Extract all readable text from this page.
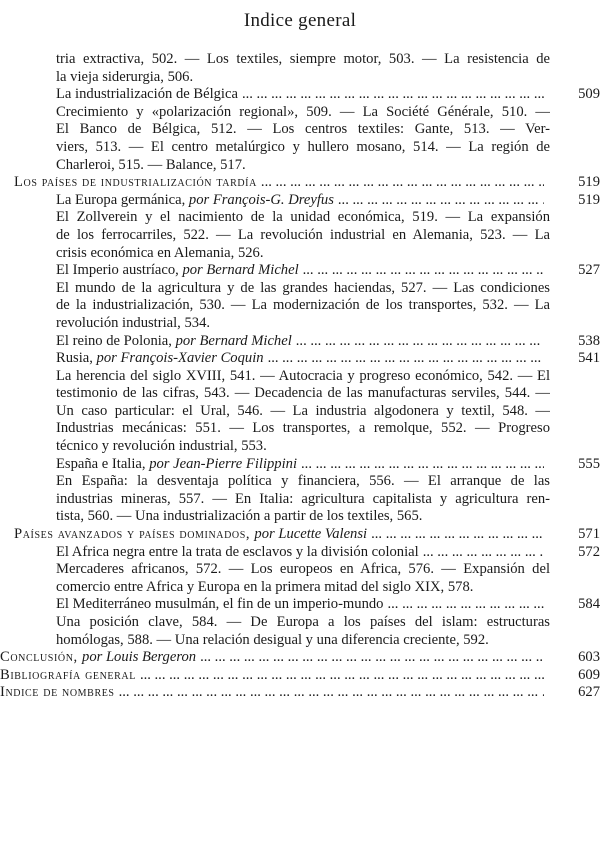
Indice general
tria extractiva, 502. — Los textiles, siempre motor, 503. — La resistencia de
la vieja siderurgia, 506.
La industrialización de Bélgica ... .	509
Crecimiento y «polarización regional», 509. — La Société Générale, 510. —
El Banco de Bélgica, 512. — Los centros textiles: Gante, 513. — Ver-
viers, 513. — El centro metalúrgico y hullero mosano, 514. — La región de
Charleroi, 515. — Balance, 517.
Los países de industrialización tardía ... .	519
La Europa germánica, por François-G. Dreyfus ... .	519
El Zollverein y el nacimiento de la unidad económica, 519. — La expansión
de los ferrocarriles, 522. — La revolución industrial en Alemania, 523. — La
crisis económica en Alemania, 526.
El Imperio austríaco, por Bernard Michel ... .	527
El mundo de la agricultura y de las grandes haciendas, 527. — Las condiciones
de la industrialización, 530. — La modernización de los transportes, 532. — La
revolución industrial, 534.
El reino de Polonia, por Bernard Michel ... .	538
Rusia, por François-Xavier Coquin ... .	541
La herencia del siglo XVIII, 541. — Autocracia y progreso económico, 542. — El
testimonio de las cifras, 543. — Decadencia de las manufacturas serviles, 544. —
Un caso particular: el Ural, 546. — La industria algodonera y textil, 548. —
Industrias mecánicas: 551. — Los transportes, a remolque, 552. — Progreso
técnico y revolución industrial, 553.
España e Italia, por Jean-Pierre Filippini ... .	555
En España: la desventaja política y financiera, 556. — El arranque de las
industrias mineras, 557. — En Italia: agricultura capitalista y agricultura ren-
tista, 560. — Una industrialización a partir de los textiles, 565.
Países avanzados y países dominados, por Lucette Valensi ... .	571
El Africa negra entre la trata de esclavos y la división colonial ... .	572
Mercaderes africanos, 572. — Los europeos en Africa, 576. — Expansión del
comercio entre Africa y Europa en la primera mitad del siglo XIX, 578.
El Mediterráneo musulmán, el fin de un imperio-mundo ... .	584
Una posición clave, 584. — De Europa a los países del islam: estructuras
homólogas, 588. — Una relación desigual y una diferencia creciente, 592.
Conclusión, por Louis Bergeron ... .	603
Bibliografía general ... .	609
Indice de nombres ... .	627
